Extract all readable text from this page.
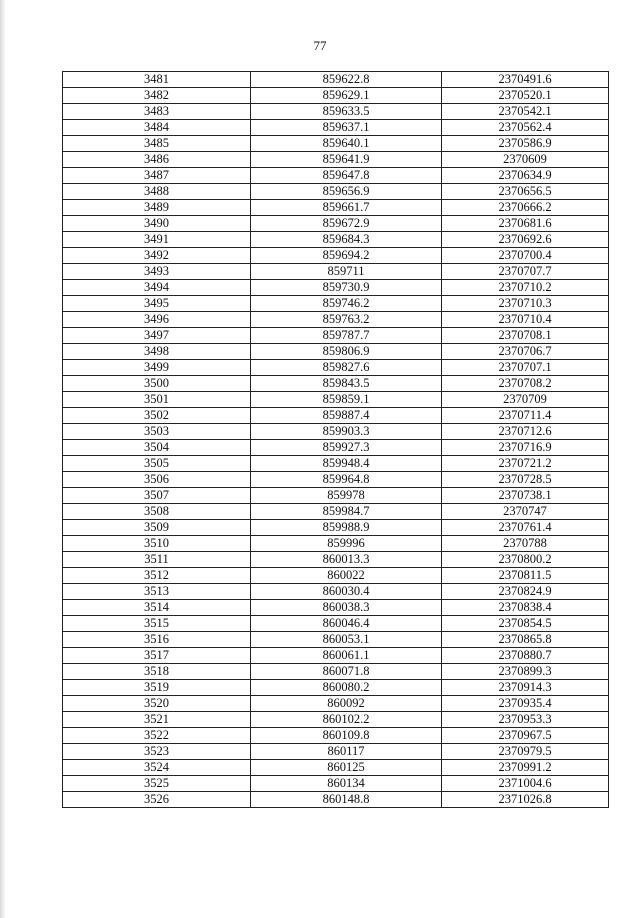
77
3481	859622.8	2370491.6
3482	859629.1	2370520.1
3483	859633.5	2370542.1
3484	859637.1	2370562.4
3485	859640.1	2370586.9
3486	859641.9	2370609
3487	859647.8	2370634.9
3488	859656.9	2370656.5
3489	859661.7	2370666.2
3490	859672.9	2370681.6
3491	859684.3	2370692.6
3492	859694.2	2370700.4
3493	859711	2370707.7
3494	859730.9	2370710.2
3495	859746.2	2370710.3
3496	859763.2	2370710.4
3497	859787.7	2370708.1
3498	859806.9	2370706.7
3499	859827.6	2370707.1
3500	859843.5	2370708.2
3501	859859.1	2370709
3502	859887.4	2370711.4
3503	859903.3	2370712.6
3504	859927.3	2370716.9
3505	859948.4	2370721.2
3506	859964.8	2370728.5
3507	859978	2370738.1
3508	859984.7	2370747
3509	859988.9	2370761.4
3510	859996	2370788
3511	860013.3	2370800.2
3512	860022	2370811.5
3513	860030.4	2370824.9
3514	860038.3	2370838.4
3515	860046.4	2370854.5
3516	860053.1	2370865.8
3517	860061.1	2370880.7
3518	860071.8	2370899.3
3519	860080.2	2370914.3
3520	860092	2370935.4
3521	860102.2	2370953.3
3522	860109.8	2370967.5
3523	860117	2370979.5
3524	860125	2370991.2
3525	860134	2371004.6
3526	860148.8	2371026.8
